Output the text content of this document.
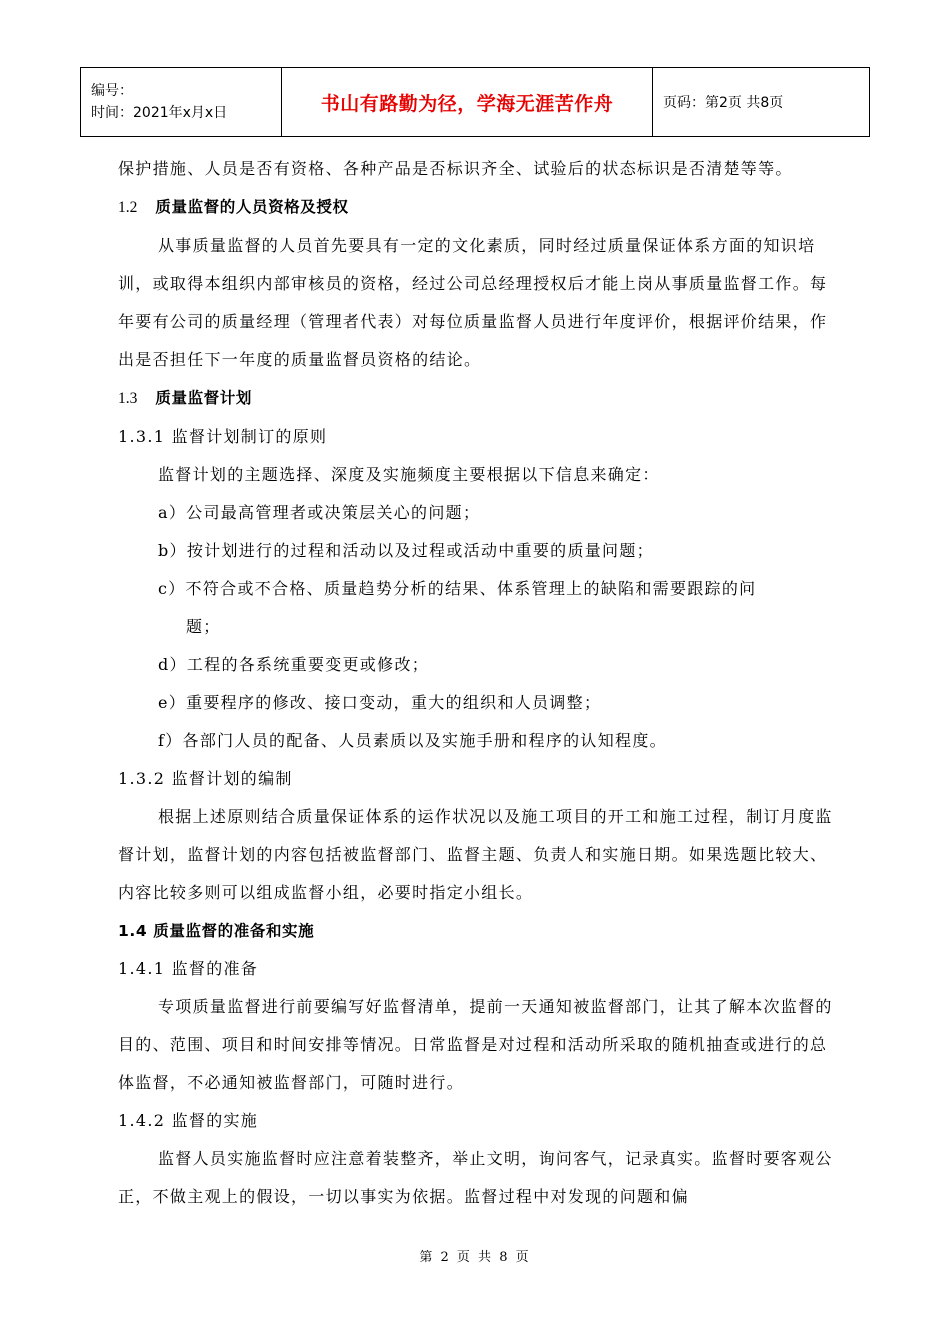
编号：
时间：2021年x月x日	书山有路勤为径，学海无涯苦作舟	页码：第2页 共8页

保护措施、人员是否有资格、各种产品是否标识齐全、试验后的状态标识是否清楚等等。

1.2 质量监督的人员资格及授权

从事质量监督的人员首先要具有一定的文化素质，同时经过质量保证体系方面的知识培训，或取得本组织内部审核员的资格，经过公司总经理授权后才能上岗从事质量监督工作。每年要有公司的质量经理（管理者代表）对每位质量监督人员进行年度评价，根据评价结果，作出是否担任下一年度的质量监督员资格的结论。

1.3 质量监督计划

1.3.1 监督计划制订的原则

监督计划的主题选择、深度及实施频度主要根据以下信息来确定：

a）公司最高管理者或决策层关心的问题；

b）按计划进行的过程和活动以及过程或活动中重要的质量问题；

c）不符合或不合格、质量趋势分析的结果、体系管理上的缺陷和需要跟踪的问

题；

d）工程的各系统重要变更或修改；

e）重要程序的修改、接口变动，重大的组织和人员调整；

f）各部门人员的配备、人员素质以及实施手册和程序的认知程度。

1.3.2 监督计划的编制

根据上述原则结合质量保证体系的运作状况以及施工项目的开工和施工过程，制订月度监督计划，监督计划的内容包括被监督部门、监督主题、负责人和实施日期。如果选题比较大、内容比较多则可以组成监督小组，必要时指定小组长。

1.4 质量监督的准备和实施

1.4.1 监督的准备

专项质量监督进行前要编写好监督清单，提前一天通知被监督部门，让其了解本次监督的目的、范围、项目和时间安排等情况。日常监督是对过程和活动所采取的随机抽查或进行的总体监督，不必通知被监督部门，可随时进行。

1.4.2 监督的实施

监督人员实施监督时应注意着装整齐，举止文明，询问客气，记录真实。监督时要客观公正，不做主观上的假设，一切以事实为依据。监督过程中对发现的问题和偏

第 2 页 共 8 页
